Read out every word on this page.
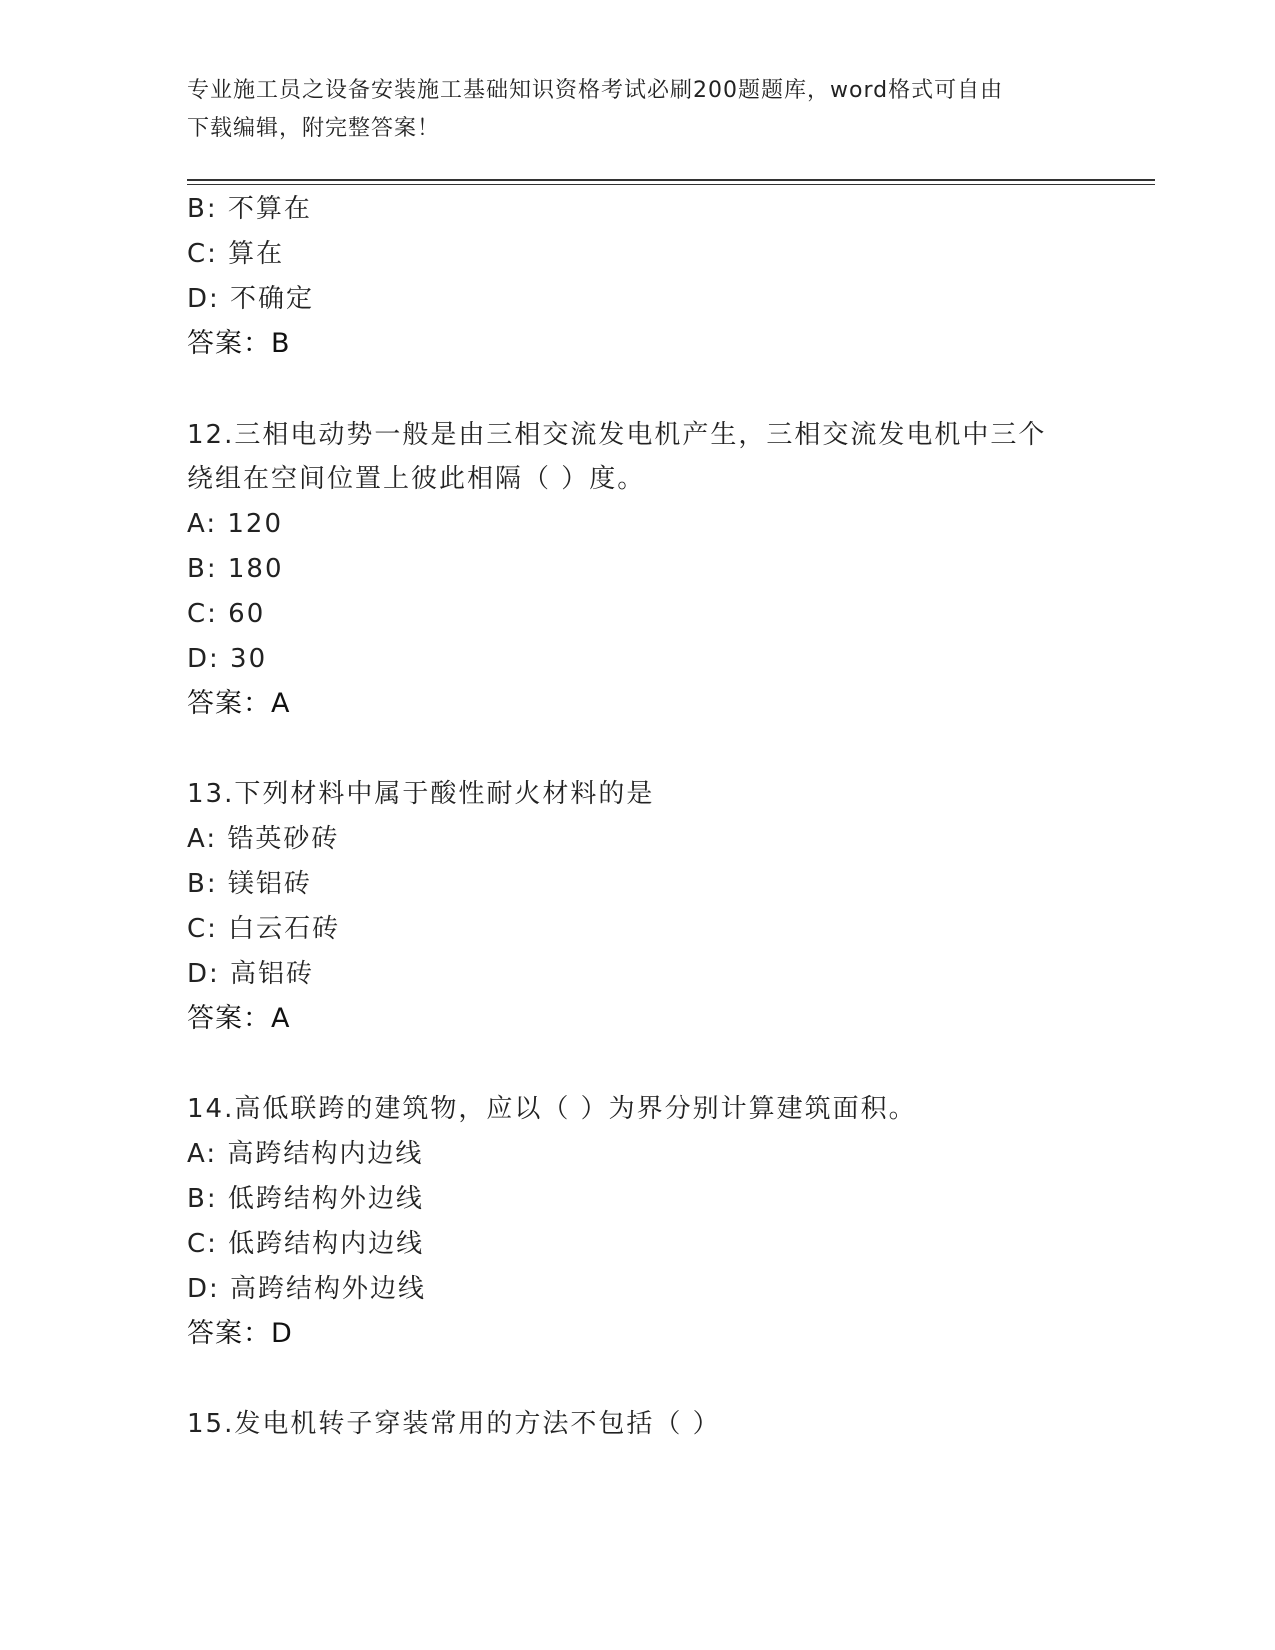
专业施工员之设备安装施工基础知识资格考试必刷200题题库，word格式可自由
下载编辑，附完整答案！
B: 不算在
C: 算在
D: 不确定
答案：B
12.三相电动势一般是由三相交流发电机产生，三相交流发电机中三个
绕组在空间位置上彼此相隔（ ）度。
A: 120
B: 180
C: 60
D: 30
答案：A
13.下列材料中属于酸性耐火材料的是
A: 锆英砂砖
B: 镁铝砖
C: 白云石砖
D: 高铝砖
答案：A
14.高低联跨的建筑物，应以（ ）为界分别计算建筑面积。
A: 高跨结构内边线
B: 低跨结构外边线
C: 低跨结构内边线
D: 高跨结构外边线
答案：D
15.发电机转子穿装常用的方法不包括（ ）
